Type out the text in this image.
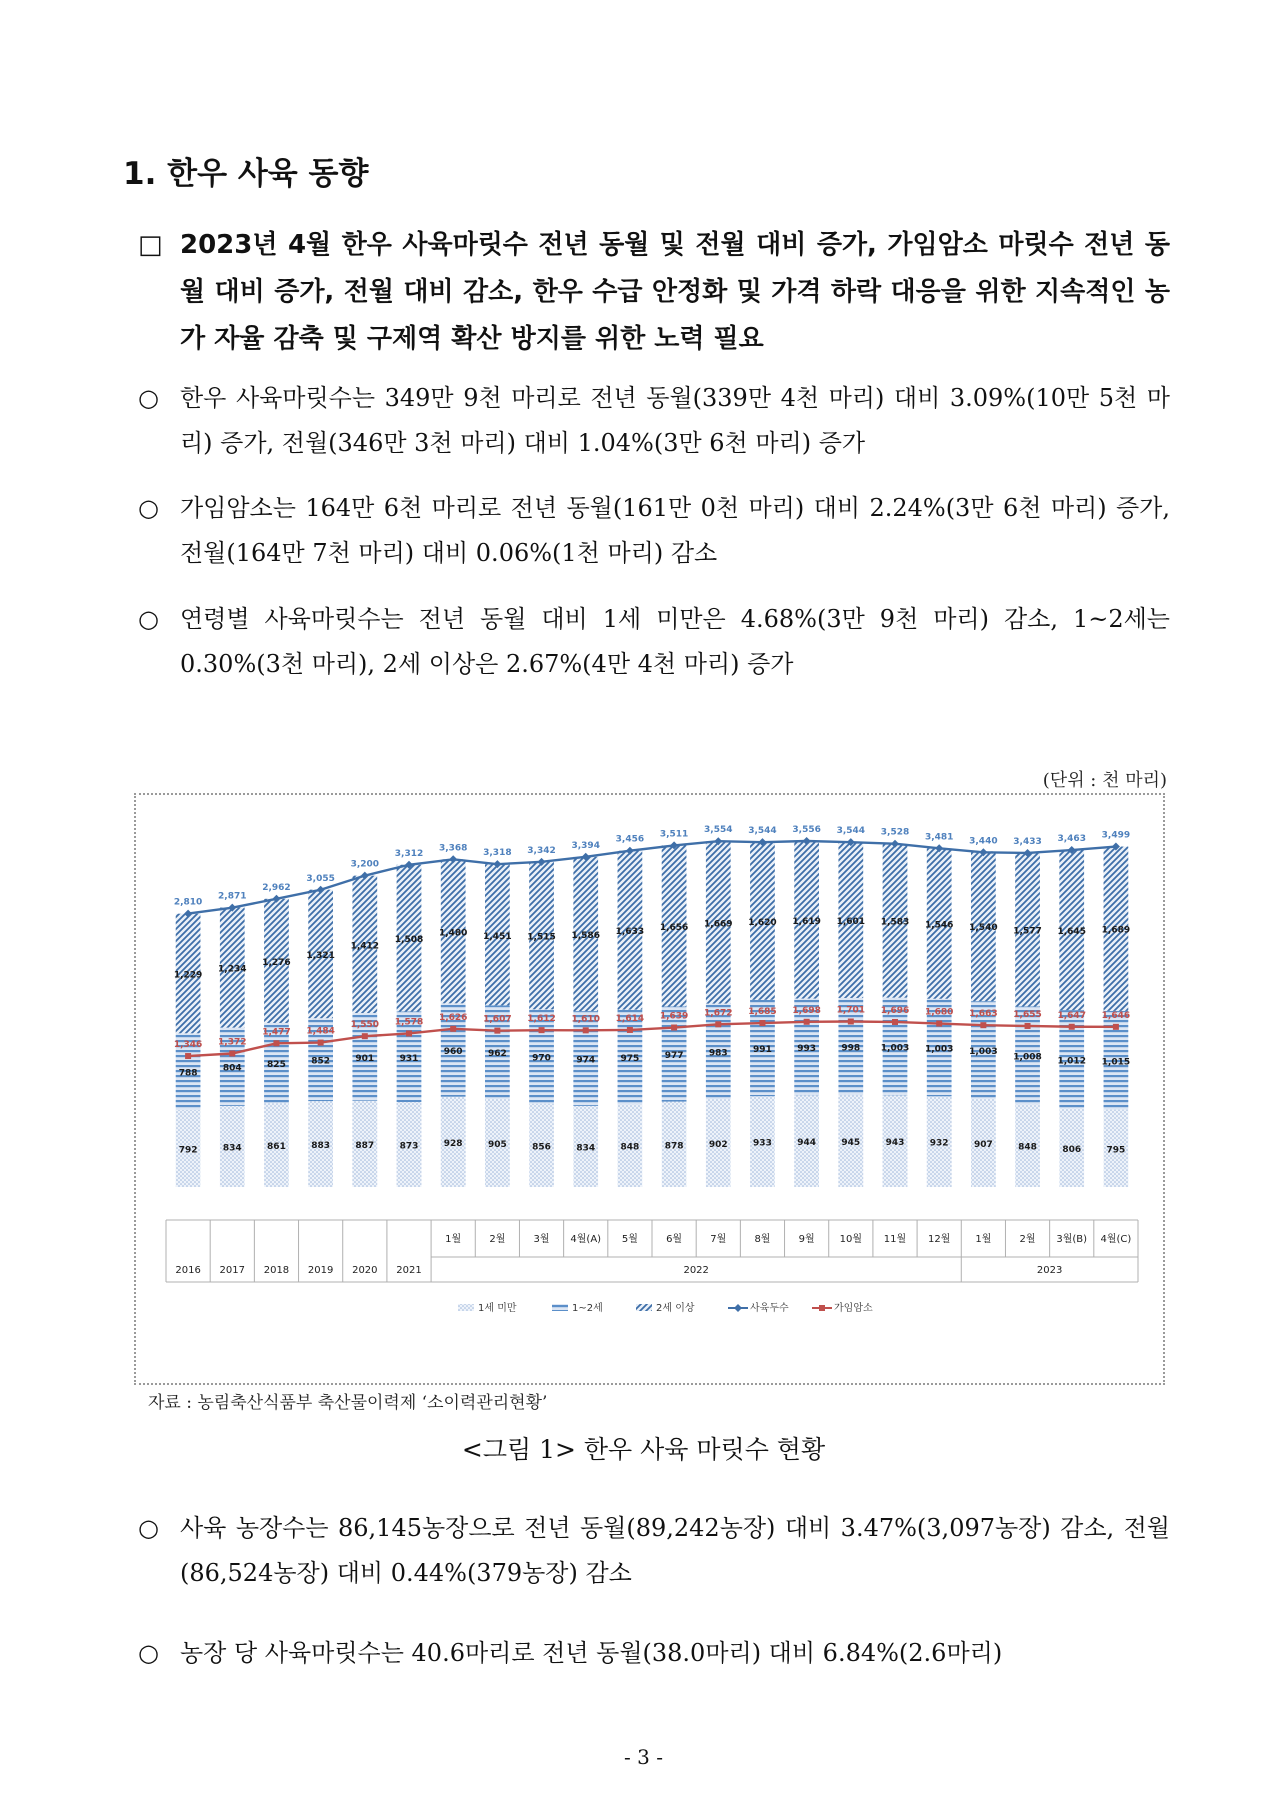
1. 한우 사육 동향
□ 2023년 4월 한우 사육마릿수 전년 동월 및 전월 대비 증가, 가임암소 마릿수 전년 동월 대비 증가, 전월 대비 감소, 한우 수급 안정화 및 가격 하락 대응을 위한 지속적인 농가 자율 감축 및 구제역 확산 방지를 위한 노력 필요
○ 한우 사육마릿수는 349만 9천 마리로 전년 동월(339만 4천 마리) 대비 3.09%(10만 5천 마리) 증가, 전월(346만 3천 마리) 대비 1.04%(3만 6천 마리) 증가
○ 가임암소는 164만 6천 마리로 전년 동월(161만 0천 마리) 대비 2.24%(3만 6천 마리) 증가, 전월(164만 7천 마리) 대비 0.06%(1천 마리) 감소
○ 연령별 사육마릿수는 전년 동월 대비 1세 미만은 4.68%(3만 9천 마리) 감소, 1~2세는 0.30%(3천 마리), 2세 이상은 2.67%(4만 4천 마리) 증가
(단위 : 천 마리)
792
788
1,229
834
804
1,234
861
825
1,276
883
852
1,321
887
901
1,412
873
931
1,508
928
960
1,480
905
962
1,451
856
970
1,515
834
974
1,586
848
975
1,633
878
977
1,656
902
983
1,669
933
991
1,620
944
993
1,619
945
998
1,601
943
1,003
1,583
932
1,003
1,546
907
1,003
1,540
848
1,008
1,577
806
1,012
1,645
795
1,015
1,689
2,810
2,871
2,962
3,055
3,200
3,312
3,368 3,318 3,342
3,394
3,456
3,511 3,554 3,544 3,556 3,544 3,528 3,481 3,440 3,433 3,463 3,499
1,346 1,372
1,477 1,484
1,550 1,578 1,626 1,607 1,612 1,610 1,614 1,639 1,672 1,685 1,698 1,701 1,696 1,680 1,663 1,655 1,647 1,646
2016 2017 2018 2019 2020 2021
1월	2월	3월 4월(A) 5월	6월	7월	8월	9월 10월 11월 12월 1월	2월 3월(B) 4월(C)
2022	2023
1세 미만	1~2세	2세 이상	사육두수	가임암소
자료 : 농림축산식품부 축산물이력제 ‘소이력관리현황’
<그림 1> 한우 사육 마릿수 현황
○ 사육 농장수는 86,145농장으로 전년 동월(89,242농장) 대비 3.47%(3,097농장) 감소, 전월(86,524농장) 대비 0.44%(379농장) 감소
○ 농장 당 사육마릿수는 40.6마리로 전년 동월(38.0마리) 대비 6.84%(2.6마리)
- 3 -
